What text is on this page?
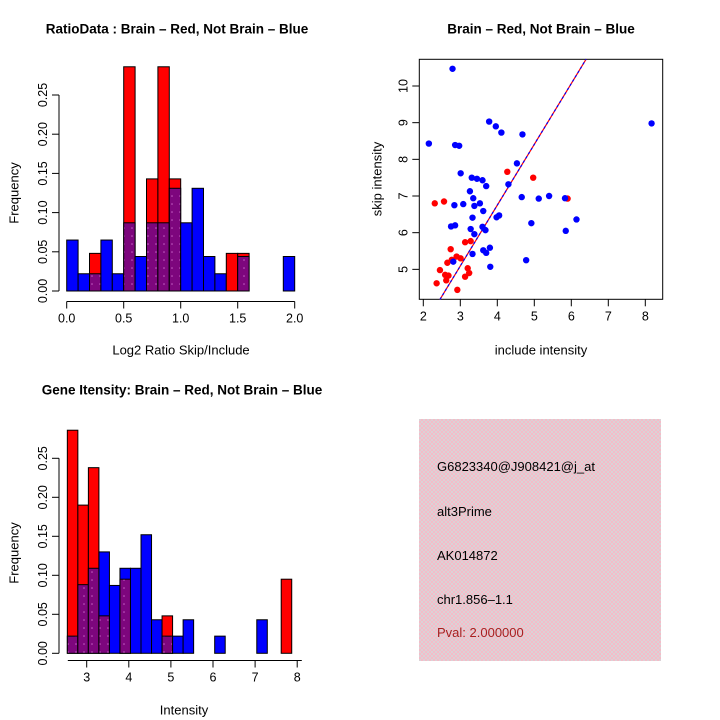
RatioData : Brain – Red, Not Brain – Blue	Brain – Red, Not Brain – Blue
Gene Itensity: Brain – Red, Not Brain – Blue
Log2 Ratio Skip/Include
Frequency
include intensity
skip intensity
Intensity
Frequency
0.00
0.05
0.10
0.15
0.20
0.25
0.0	0.5	1.0	1.5	2.0	2 3 4 5 6 7 8
5
6
7
8
9
10
0.00
0.05
0.10
0.15
0.20
0.25
3	4	5	6	7	8
G6823340@J908421@j_at
alt3Prime
AK014872
chr1.856–1.1
Pval: 2.000000
